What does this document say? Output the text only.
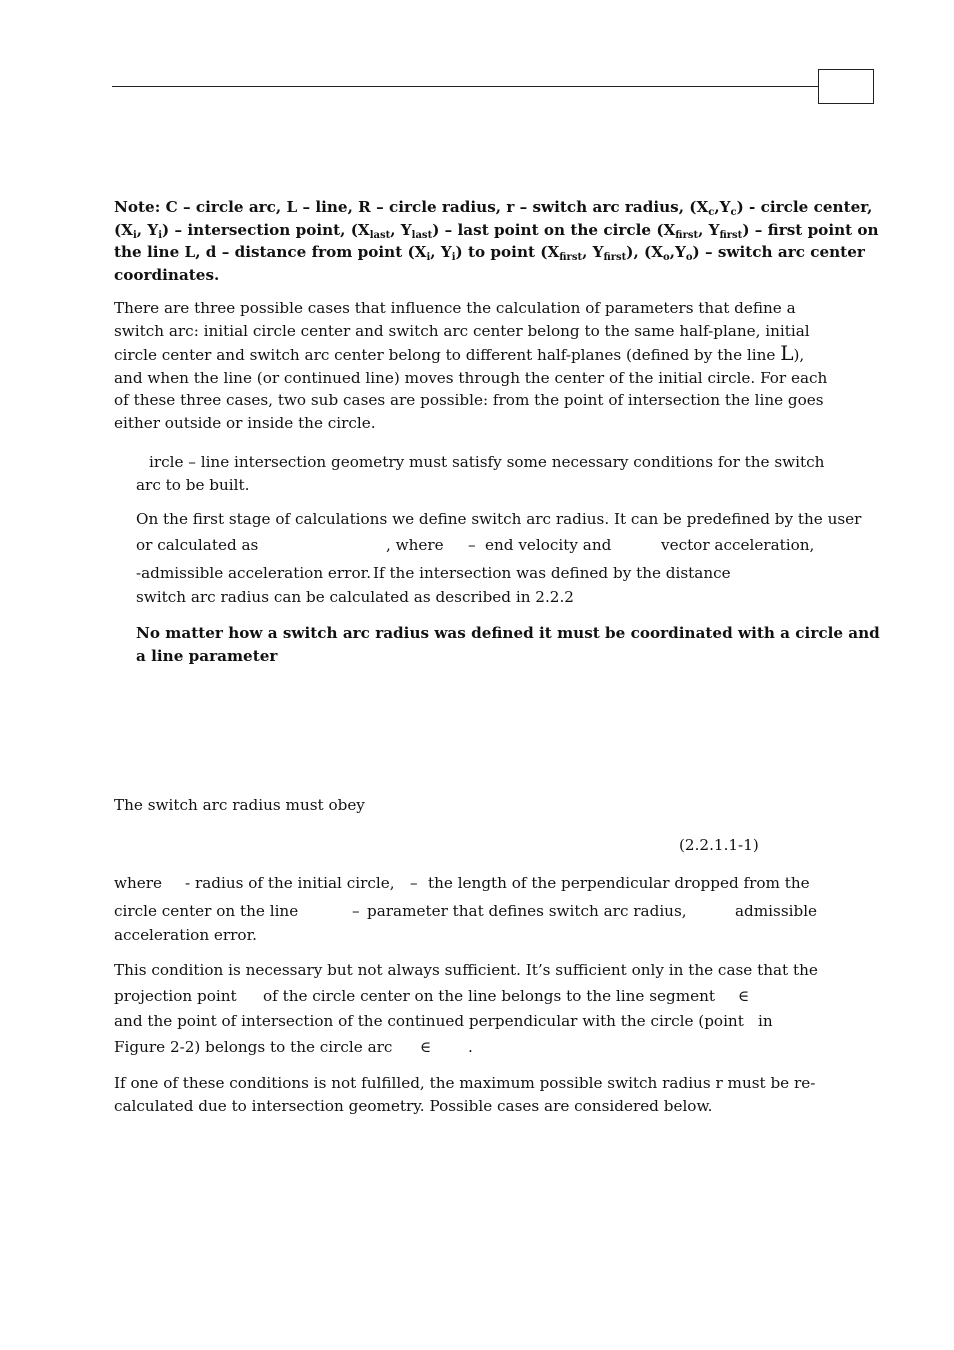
Note: C – circle arc, L – line, R – circle radius, r – switch arc radius, $(X_c,Y_c)$ - circle center,
($X_i$, $Y_i$) – intersection point, ($X_{last}$, $Y_{last}$) – last point on the circle ($X_{first}$, $Y_{first}$) – first point on
the line L, d – distance from point ($X_i$, $Y_i$) to point ($X_{first}$, $Y_{first}$), $(X_o,Y_o)$ – switch arc center
coordinates.
There are three possible cases that influence the calculation of parameters that define a
switch arc: initial circle center and switch arc center belong to the same half-plane, initial
circle center and switch arc center belong to different half-planes (defined by the line L),
and when the line (or continued line) moves through the center of the initial circle. For each
of these three cases, two sub cases are possible: from the point of intersection the line goes
either outside or inside the circle.
ircle – line intersection geometry must satisfy some necessary conditions for the switch
arc to be built.
On the first stage of calculations we define switch arc radius. It can be predefined by the user
or calculated as	, where – end velocity and	vector acceleration,
-admissible acceleration error. If the intersection was defined by the distance
switch arc radius can be calculated as described in 2.2.2
No matter how a switch arc radius was defined it must be coordinated with a circle and
a line parameter
The switch arc radius must obey
(2.2.1.1-1)
where - radius of the initial circle, – the length of the perpendicular dropped from the
circle center on the line	– parameter that defines switch arc radius,	admissible
acceleration error.
This condition is necessary but not always sufficient. It’s sufficient only in the case that the
projection point of the circle center on the line belongs to the line segment ∈
and the point of intersection of the continued perpendicular with the circle (point in
Figure 2-2) belongs to the circle arc ∈ .
If one of these conditions is not fulfilled, the maximum possible switch radius r must be re-
calculated due to intersection geometry. Possible cases are considered below.
